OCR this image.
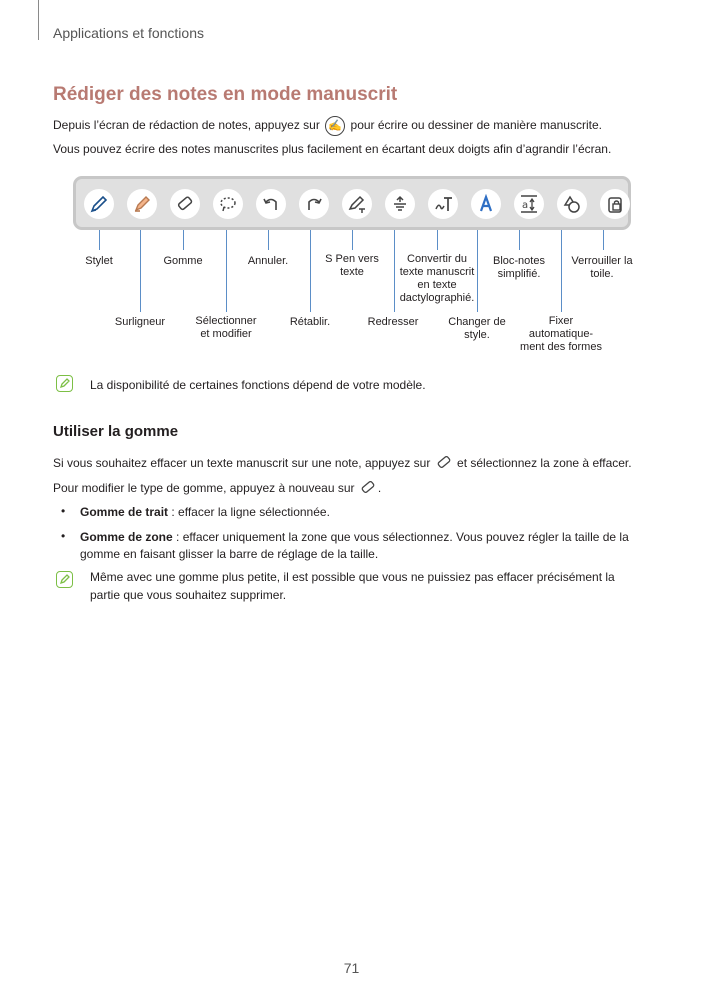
Applications et fonctions
Rédiger des notes en mode manuscrit
Depuis l’écran de rédaction de notes, appuyez sur ✍ pour écrire ou dessiner de manière manuscrite.
Vous pouvez écrire des notes manuscrites plus facilement en écartant deux doigts afin d’agrandir l’écran.
a
Stylet	Gomme	Annuler.	S Pen vers
texte
Convertir du
texte manuscrit
en texte
dactylographié.
Bloc-notes
simplifié.
Verrouiller la
toile.
Surligneur	Sélectionner
et modifier
Rétablir.	Redresser	Changer de
style.
Fixer
automatique-
ment des formes
La disponibilité de certaines fonctions dépend de votre modèle.
Utiliser la gomme
Si vous souhaitez effacer un texte manuscrit sur une note, appuyez sur et sélectionnez la zone à effacer.
Pour modifier le type de gomme, appuyez à nouveau sur .
• Gomme de trait : effacer la ligne sélectionnée.
• Gomme de zone : effacer uniquement la zone que vous sélectionnez. Vous pouvez régler la taille de la
gomme en faisant glisser la barre de réglage de la taille.
Même avec une gomme plus petite, il est possible que vous ne puissiez pas effacer précisément la
partie que vous souhaitez supprimer.
71
